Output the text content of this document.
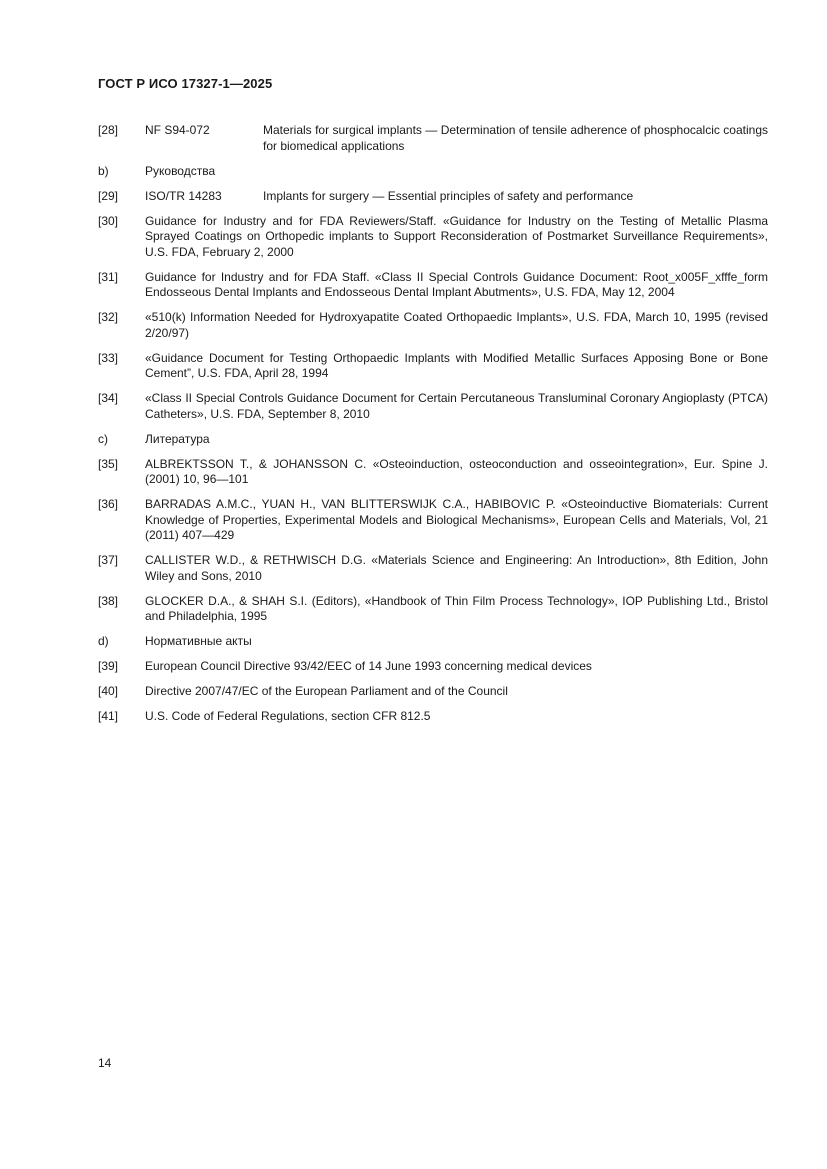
ГОСТ Р ИСО 17327-1—2025
[28]	NF S94-072	Materials for surgical implants — Determination of tensile adherence of phosphocalcic coatings for biomedical applications
b)	Руководства
[29]	ISO/TR 14283	Implants for surgery — Essential principles of safety and performance
[30]	Guidance for Industry and for FDA Reviewers/Staff. «Guidance for Industry on the Testing of Metallic Plasma Sprayed Coatings on Orthopedic implants to Support Reconsideration of Postmarket Surveillance Requirements», U.S. FDA, February 2, 2000
[31]	Guidance for Industry and for FDA Staff. «Class II Special Controls Guidance Document: Root_x005F_xfffe_form Endosseous Dental Implants and Endosseous Dental Implant Abutments», U.S. FDA, May 12, 2004
[32]	«510(k) Information Needed for Hydroxyapatite Coated Orthopaedic Implants», U.S. FDA, March 10, 1995 (revised 2/20/97)
[33]	«Guidance Document for Testing Orthopaedic Implants with Modified Metallic Surfaces Apposing Bone or Bone Cement”, U.S. FDA, April 28, 1994
[34]	«Class II Special Controls Guidance Document for Certain Percutaneous Transluminal Coronary Angioplasty (PTCA) Catheters», U.S. FDA, September 8, 2010
c)	Литература
[35]	ALBREKTSSON T., & JOHANSSON C. «Osteoinduction, osteoconduction and osseointegration», Eur. Spine J. (2001) 10, 96—101
[36]	BARRADAS A.M.C., YUAN H., VAN BLITTERSWIJK C.A., HABIBOVIC P. «Osteoinductive Biomaterials: Current Knowledge of Properties, Experimental Models and Biological Mechanisms», European Cells and Materials, Vol, 21 (2011) 407—429
[37]	CALLISTER W.D., & RETHWISCH D.G. «Materials Science and Engineering: An Introduction», 8th Edition, John Wiley and Sons, 2010
[38]	GLOCKER D.A., & SHAH S.I. (Editors), «Handbook of Thin Film Process Technology», IOP Publishing Ltd., Bristol and Philadelphia, 1995
d)	Нормативные акты
[39]	European Council Directive 93/42/EEC of 14 June 1993 concerning medical devices
[40]	Directive 2007/47/EC of the European Parliament and of the Council
[41]	U.S. Code of Federal Regulations, section CFR 812.5
14
